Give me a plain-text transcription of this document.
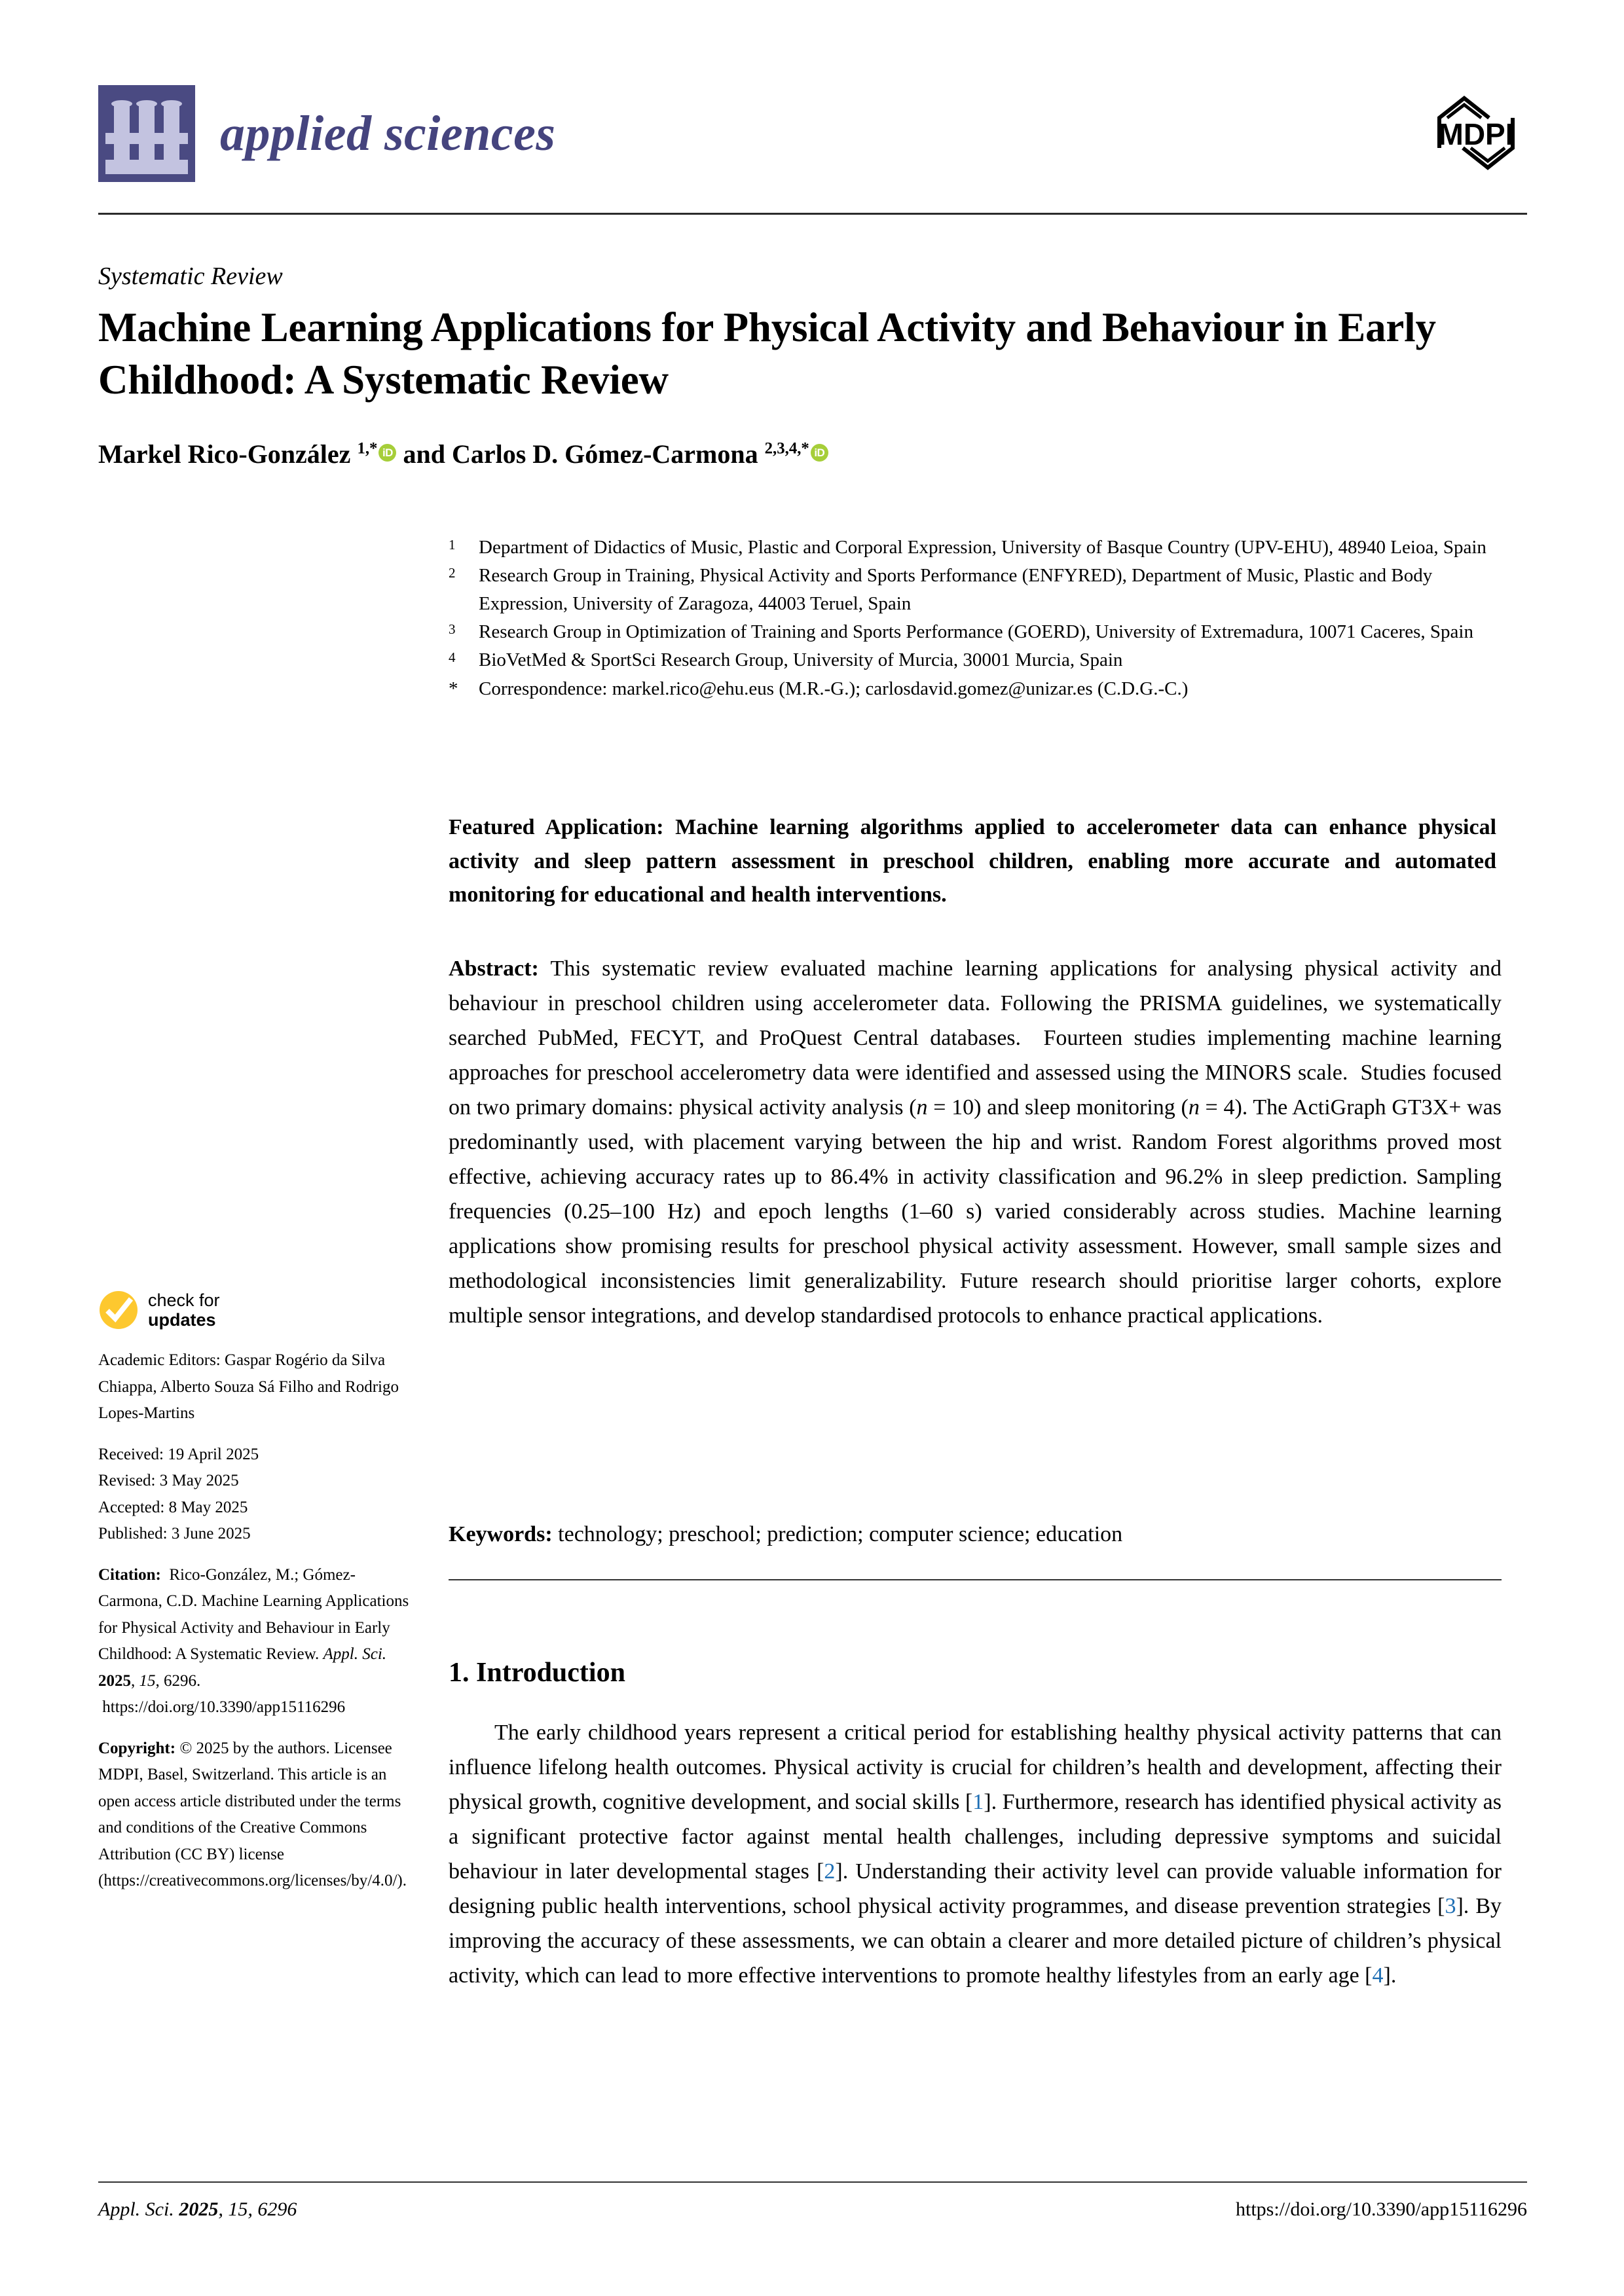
applied sciences	MDPI
Systematic Review
Machine Learning Applications for Physical Activity and Behaviour in Early Childhood: A Systematic Review
Markel Rico-González $^{1,*}$ iD and Carlos D. Gómez-Carmona $^{2,3,4,*}$ iD
1	Department of Didactics of Music, Plastic and Corporal Expression, University of Basque Country (UPV-EHU), 48940 Leioa, Spain
2	Research Group in Training, Physical Activity and Sports Performance (ENFYRED), Department of Music, Plastic and Body Expression, University of Zaragoza, 44003 Teruel, Spain
3	Research Group in Optimization of Training and Sports Performance (GOERD), University of Extremadura, 10071 Caceres, Spain
4	BioVetMed & SportSci Research Group, University of Murcia, 30001 Murcia, Spain
*	Correspondence: markel.rico@ehu.eus (M.R.-G.); carlosdavid.gomez@unizar.es (C.D.G.-C.)
Featured Application: Machine learning algorithms applied to accelerometer data can enhance physical activity and sleep pattern assessment in preschool children, enabling more accurate and automated monitoring for educational and health interventions.
Abstract: This systematic review evaluated machine learning applications for analysing physical activity and behaviour in preschool children using accelerometer data. Following the PRISMA guidelines, we systematically searched PubMed, FECYT, and ProQuest Central databases.  Fourteen studies implementing machine learning approaches for preschool accelerometry data were identified and assessed using the MINORS scale.  Studies focused on two primary domains: physical activity analysis (n = 10) and sleep monitoring (n = 4). The ActiGraph GT3X+ was predominantly used, with placement varying between the hip and wrist. Random Forest algorithms proved most effective, achieving accuracy rates up to 86.4% in activity classification and 96.2% in sleep prediction. Sampling frequencies (0.25–100 Hz) and epoch lengths (1–60 s) varied considerably across studies. Machine learning applications show promising results for preschool physical activity assessment. However, small sample sizes and methodological inconsistencies limit generalizability. Future research should prioritise larger cohorts, explore multiple sensor integrations, and develop standardised protocols to enhance practical applications.
Keywords: technology; preschool; prediction; computer science; education
1. Introduction
The early childhood years represent a critical period for establishing healthy physical activity patterns that can influence lifelong health outcomes. Physical activity is crucial for children’s health and development, affecting their physical growth, cognitive development, and social skills [1]. Furthermore, research has identified physical activity as a significant protective factor against mental health challenges, including depressive symptoms and suicidal behaviour in later developmental stages [2]. Understanding their activity level can provide valuable information for designing public health interventions, school physical activity programmes, and disease prevention strategies [3]. By improving the accuracy of these assessments, we can obtain a clearer and more detailed picture of children’s physical activity, which can lead to more effective interventions to promote healthy lifestyles from an early age [4].
check for
updates
Academic Editors: Gaspar Rogério da Silva Chiappa, Alberto Souza Sá Filho and Rodrigo Lopes-Martins
Received: 19 April 2025
Revised: 3 May 2025
Accepted: 8 May 2025
Published: 3 June 2025
Citation:  Rico-González, M.; Gómez-Carmona, C.D. Machine Learning Applications for Physical Activity and Behaviour in Early Childhood: A Systematic Review. Appl. Sci. 2025, 15, 6296.  https://doi.org/10.3390/app15116296
Copyright: © 2025 by the authors. Licensee MDPI, Basel, Switzerland. This article is an open access article distributed under the terms and conditions of the Creative Commons Attribution (CC BY) license (https://creativecommons.org/licenses/by/4.0/).
Appl. Sci. 2025, 15, 6296	https://doi.org/10.3390/app15116296
